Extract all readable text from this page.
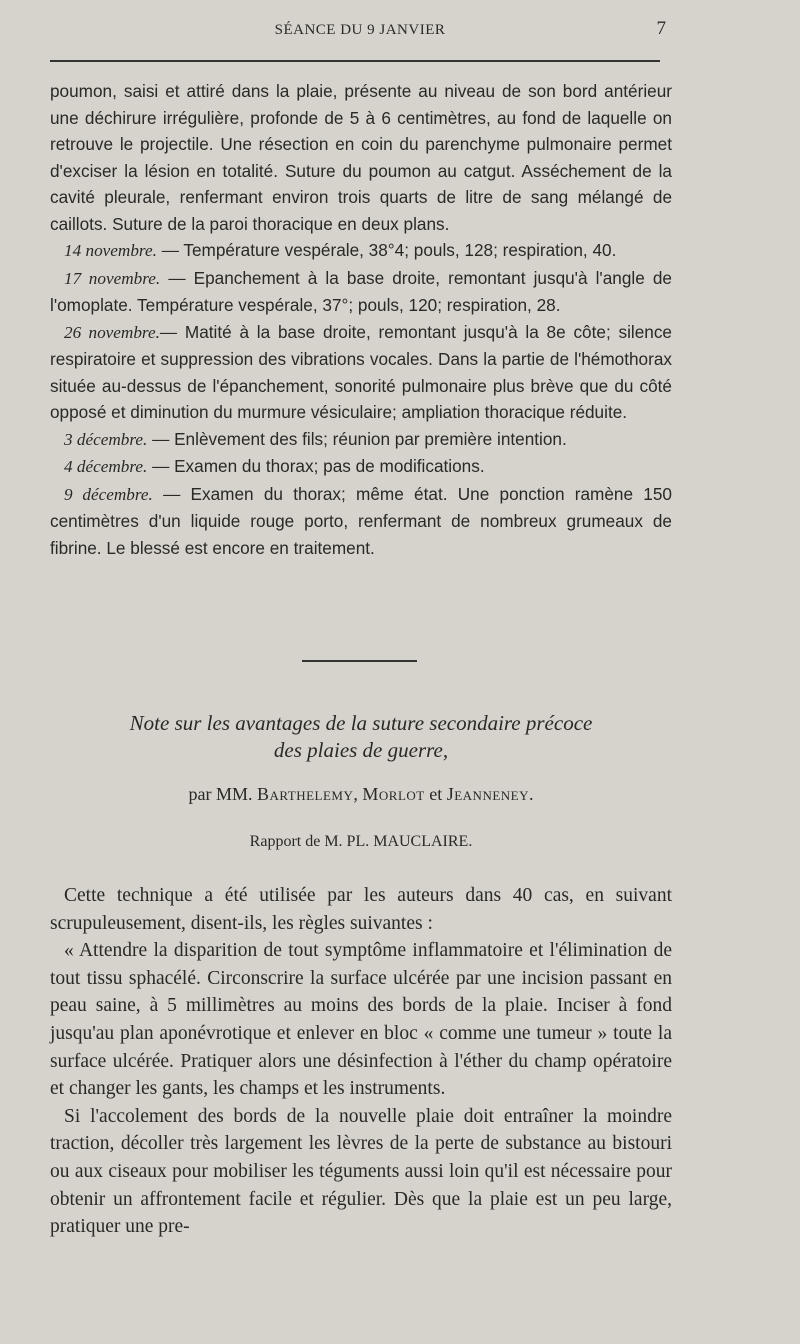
SÉANCE DU 9 JANVIER	7

poumon, saisi et attiré dans la plaie, présente au niveau de son bord antérieur une déchirure irrégulière, profonde de 5 à 6 centimètres, au fond de laquelle on retrouve le projectile. Une résection en coin du parenchyme pulmonaire permet d'exciser la lésion en totalité. Suture du poumon au catgut. Asséchement de la cavité pleurale, renfermant environ trois quarts de litre de sang mélangé de caillots. Suture de la paroi thoracique en deux plans.

14 novembre. — Température vespérale, 38°4; pouls, 128; respiration, 40.

17 novembre. — Epanchement à la base droite, remontant jusqu'à l'angle de l'omoplate. Température vespérale, 37°; pouls, 120; respiration, 28.

26 novembre.— Matité à la base droite, remontant jusqu'à la 8e côte; silence respiratoire et suppression des vibrations vocales. Dans la partie de l'hémothorax située au-dessus de l'épanchement, sonorité pulmonaire plus brève que du côté opposé et diminution du murmure vésiculaire; ampliation thoracique réduite.

3 décembre. — Enlèvement des fils; réunion par première intention.

4 décembre. — Examen du thorax; pas de modifications.

9 décembre. — Examen du thorax; même état. Une ponction ramène 150 centimètres d'un liquide rouge porto, renfermant de nombreux grumeaux de fibrine. Le blessé est encore en traitement.

Note sur les avantages de la suture secondaire précoce
des plaies de guerre,
par MM. Barthelemy, Morlot et Jeanneney.
Rapport de M. PL. MAUCLAIRE.

Cette technique a été utilisée par les auteurs dans 40 cas, en suivant scrupuleusement, disent-ils, les règles suivantes :

« Attendre la disparition de tout symptôme inflammatoire et l'élimination de tout tissu sphacélé. Circonscrire la surface ulcérée par une incision passant en peau saine, à 5 millimètres au moins des bords de la plaie. Inciser à fond jusqu'au plan aponévrotique et enlever en bloc « comme une tumeur » toute la surface ulcérée. Pratiquer alors une désinfection à l'éther du champ opératoire et changer les gants, les champs et les instruments.

Si l'accolement des bords de la nouvelle plaie doit entraîner la moindre traction, décoller très largement les lèvres de la perte de substance au bistouri ou aux ciseaux pour mobiliser les téguments aussi loin qu'il est nécessaire pour obtenir un affrontement facile et régulier. Dès que la plaie est un peu large, pratiquer une pre-
